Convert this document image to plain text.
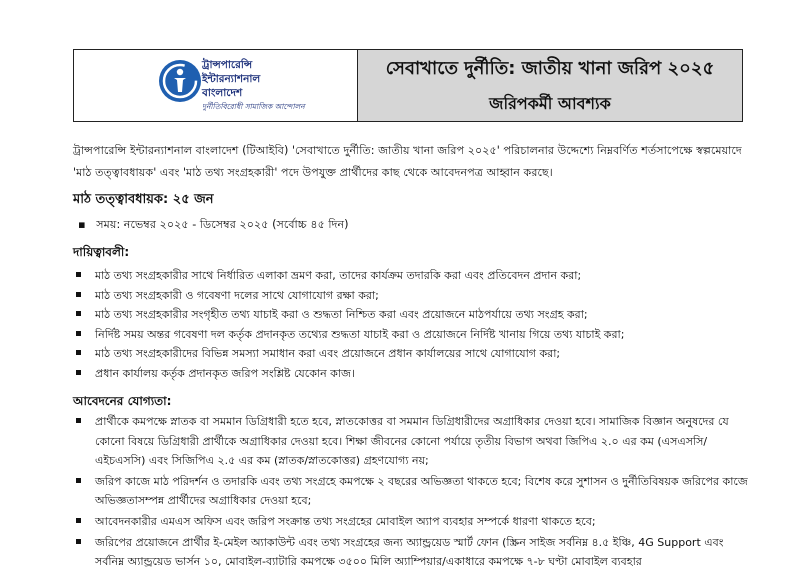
ট্রান্সপারেন্সি
ইন্টারন্যাশনাল
বাংলাদেশ
দুর্নীতিবিরোধী সামাজিক আন্দোলন
সেবাখাতে দুর্নীতি: জাতীয় খানা জরিপ ২০২৫
জরিপকর্মী আবশ্যক
ট্রান্সপারেন্সি ইন্টারন্যাশনাল বাংলাদেশ (টিআইবি) 'সেবাখাতে দুর্নীতি: জাতীয় খানা জরিপ ২০২৫' পরিচালনার উদ্দেশ্যে নিম্নবর্ণিত শর্তসাপেক্ষে স্বল্পমেয়াদে 'মাঠ তত্ত্বাবধায়ক' এবং 'মাঠ তথ্য সংগ্রহকারী' পদে উপযুক্ত প্রার্থীদের কাছ থেকে আবেদনপত্র আহ্বান করছে।
মাঠ তত্ত্বাবধায়ক: ২৫ জন
▪   সময়: নভেম্বর ২০২৫ - ডিসেম্বর ২০২৫ (সর্বোচ্চ ৪৫ দিন)
দায়িত্বাবলী:
মাঠ তথ্য সংগ্রহকারীর সাথে নির্ধারিত এলাকা ভ্রমণ করা, তাদের কার্যক্রম তদারকি করা এবং প্রতিবেদন প্রদান করা;
মাঠ তথ্য সংগ্রহকারী ও গবেষণা দলের সাথে যোগাযোগ রক্ষা করা;
মাঠ তথ্য সংগ্রহকারীর সংগৃহীত তথ্য যাচাই করা ও শুদ্ধতা নিশ্চিত করা এবং প্রয়োজনে মাঠপর্যায়ে তথ্য সংগ্রহ করা;
নির্দিষ্ট সময় অন্তর গবেষণা দল কর্তৃক প্রদানকৃত তথ্যের শুদ্ধতা যাচাই করা ও প্রয়োজনে নির্দিষ্ট খানায় গিয়ে তথ্য যাচাই করা;
মাঠ তথ্য সংগ্রহকারীদের বিভিন্ন সমস্যা সমাধান করা এবং প্রয়োজনে প্রধান কার্যালয়ের সাথে যোগাযোগ করা;
প্রধান কার্যালয় কর্তৃক প্রদানকৃত জরিপ সংশ্লিষ্ট যেকোন কাজ।
আবেদনের যোগ্যতা:
প্রার্থীকে কমপক্ষে স্নাতক বা সমমান ডিগ্রিধারী হতে হবে, স্নাতকোত্তর বা সমমান ডিগ্রিধারীদের অগ্রাধিকার দেওয়া হবে। সামাজিক বিজ্ঞান অনুষদের যে কোনো বিষয়ে ডিগ্রিধারী প্রার্থীকে অগ্রাধিকার দেওয়া হবে। শিক্ষা জীবনের কোনো পর্যায়ে তৃতীয় বিভাগ অথবা জিপিএ ২.০ এর কম (এসএসসি/এইচএসসি) এবং সিজিপিএ ২.৫ এর কম (স্নাতক/স্নাতকোত্তর) গ্রহণযোগ্য নয়;
জরিপ কাজে মাঠ পরিদর্শন ও তদারকি এবং তথ্য সংগ্রহে কমপক্ষে ২ বছরের অভিজ্ঞতা থাকতে হবে; বিশেষ করে সুশাসন ও দুর্নীতিবিষয়ক জরিপের কাজে অভিজ্ঞতাসম্পন্ন প্রার্থীদের অগ্রাধিকার দেওয়া হবে;
আবেদনকারীর এমএস অফিস এবং জরিপ সংক্রান্ত তথ্য সংগ্রহের মোবাইল অ্যাপ ব্যবহার সম্পর্কে ধারণা থাকতে হবে;
জরিপের প্রয়োজনে প্রার্থীর ই-মেইল অ্যাকাউন্ট এবং তথ্য সংগ্রহের জন্য অ্যান্ড্রয়েড স্মার্ট ফোন (স্ক্রিন সাইজ সর্বনিম্ন ৪.৫ ইঞ্চি, 4G Support এবং সর্বনিম্ন অ্যান্ড্রয়েড ভার্সন ১০, মোবাইল-ব্যাটারি কমপক্ষে ৩৫০০ মিলি অ্যাম্পিয়ার/একাধারে কমপক্ষে ৭-৮ ঘণ্টা মোবাইল ব্যবহার
